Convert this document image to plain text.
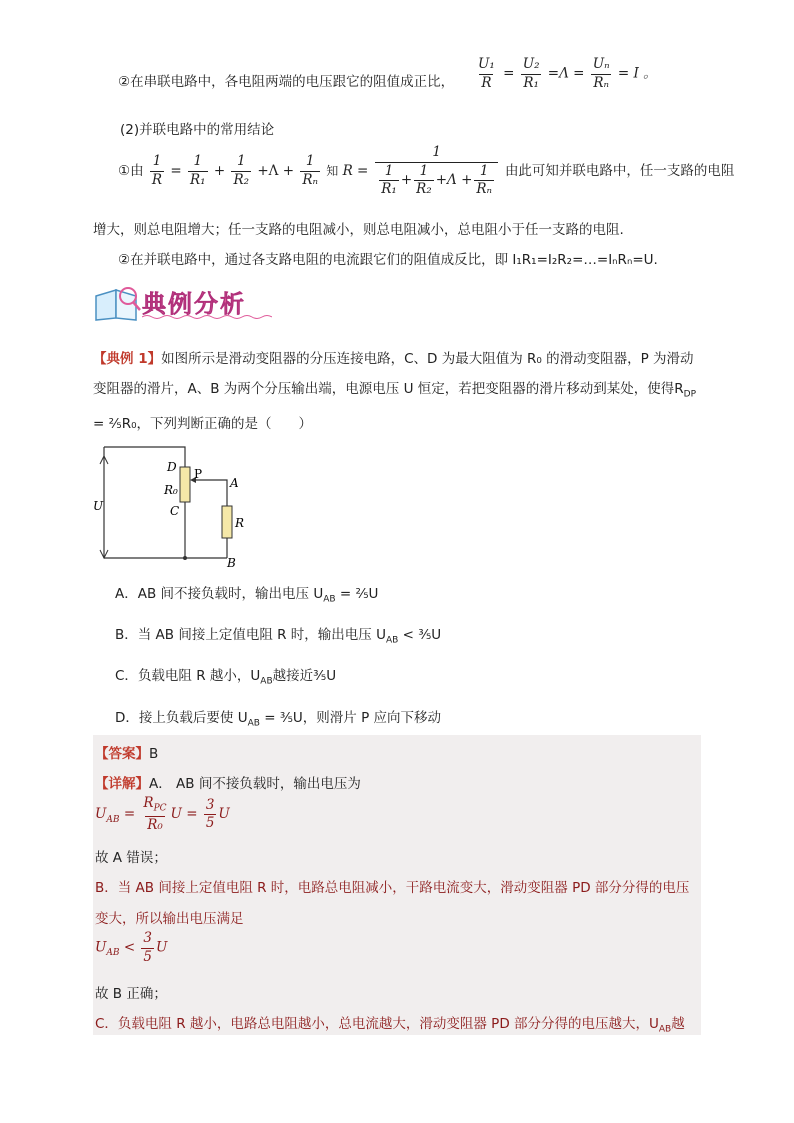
②在串联电路中，各电阻两端的电压跟它的阻值成正比， $\frac{\text{U₁}}{R} = \frac{\text{U₂}}{\text{R₁}} =\Lambda = \frac{\text{Uₙ}}{\text{Rₙ}} = I$ 。
(2)并联电路中的常用结论
①由 $\frac{1}{R} = \frac{1}{\text{R₁}} + \frac{1}{\text{R₂}} +\Lambda + \frac{1}{\text{Rₙ}}$ 知 $R = \frac{1}{\frac{1}{\text{R₁}} + \frac{1}{\text{R₂}} +\Lambda + \frac{1}{\text{Rₙ}}}$ 由此可知并联电路中，任一支路的电阻
增大，则总电阻增大；任一支路的电阻减小，则总电阻减小，总电阻小于任一支路的电阻.
②在并联电路中，通过各支路电阻的电流跟它们的阻值成反比，即 I₁R₁=I₂R₂=…=IₙRₙ=U.
典例分析
【典例 1】如图所示是滑动变阻器的分压连接电路，C、D 为最大阻值为 R₀ 的滑动变阻器，P 为滑动
变阻器的滑片，A、B 为两个分压输出端，电源电压 U 恒定，若把变阻器的滑片移动到某处，使得$R_{DP}$
= ⅖R₀，下列判断正确的是（　　）
D P
R₀
C
A
R
U
B
A．AB 间不接负载时，输出电压 $U_{AB}$ = ⅖U
B．当 AB 间接上定值电阻 R 时，输出电压 $U_{AB}$ < ⅗U
C．负载电阻 R 越小，$U_{AB}$越接近⅗U
D．接上负载后要使 $U_{AB}$ = ⅗U，则滑片 P 应向下移动
【答案】B
【详解】A． AB 间不接负载时，输出电压为
$U_{AB} = \frac{R_{PC}}{\text{R₀}}$ $U = \frac{3}{5}$ U
故 A 错误；
B．当 AB 间接上定值电阻 R 时，电路总电阻减小，干路电流变大，滑动变阻器 PD 部分分得的电压
变大，所以输出电压满足
$U_{AB} < \frac{3}{5}$ U
故 B 正确；
C．负载电阻 R 越小，电路总电阻越小，总电流越大，滑动变阻器 PD 部分分得的电压越大，$U_{AB}$越
